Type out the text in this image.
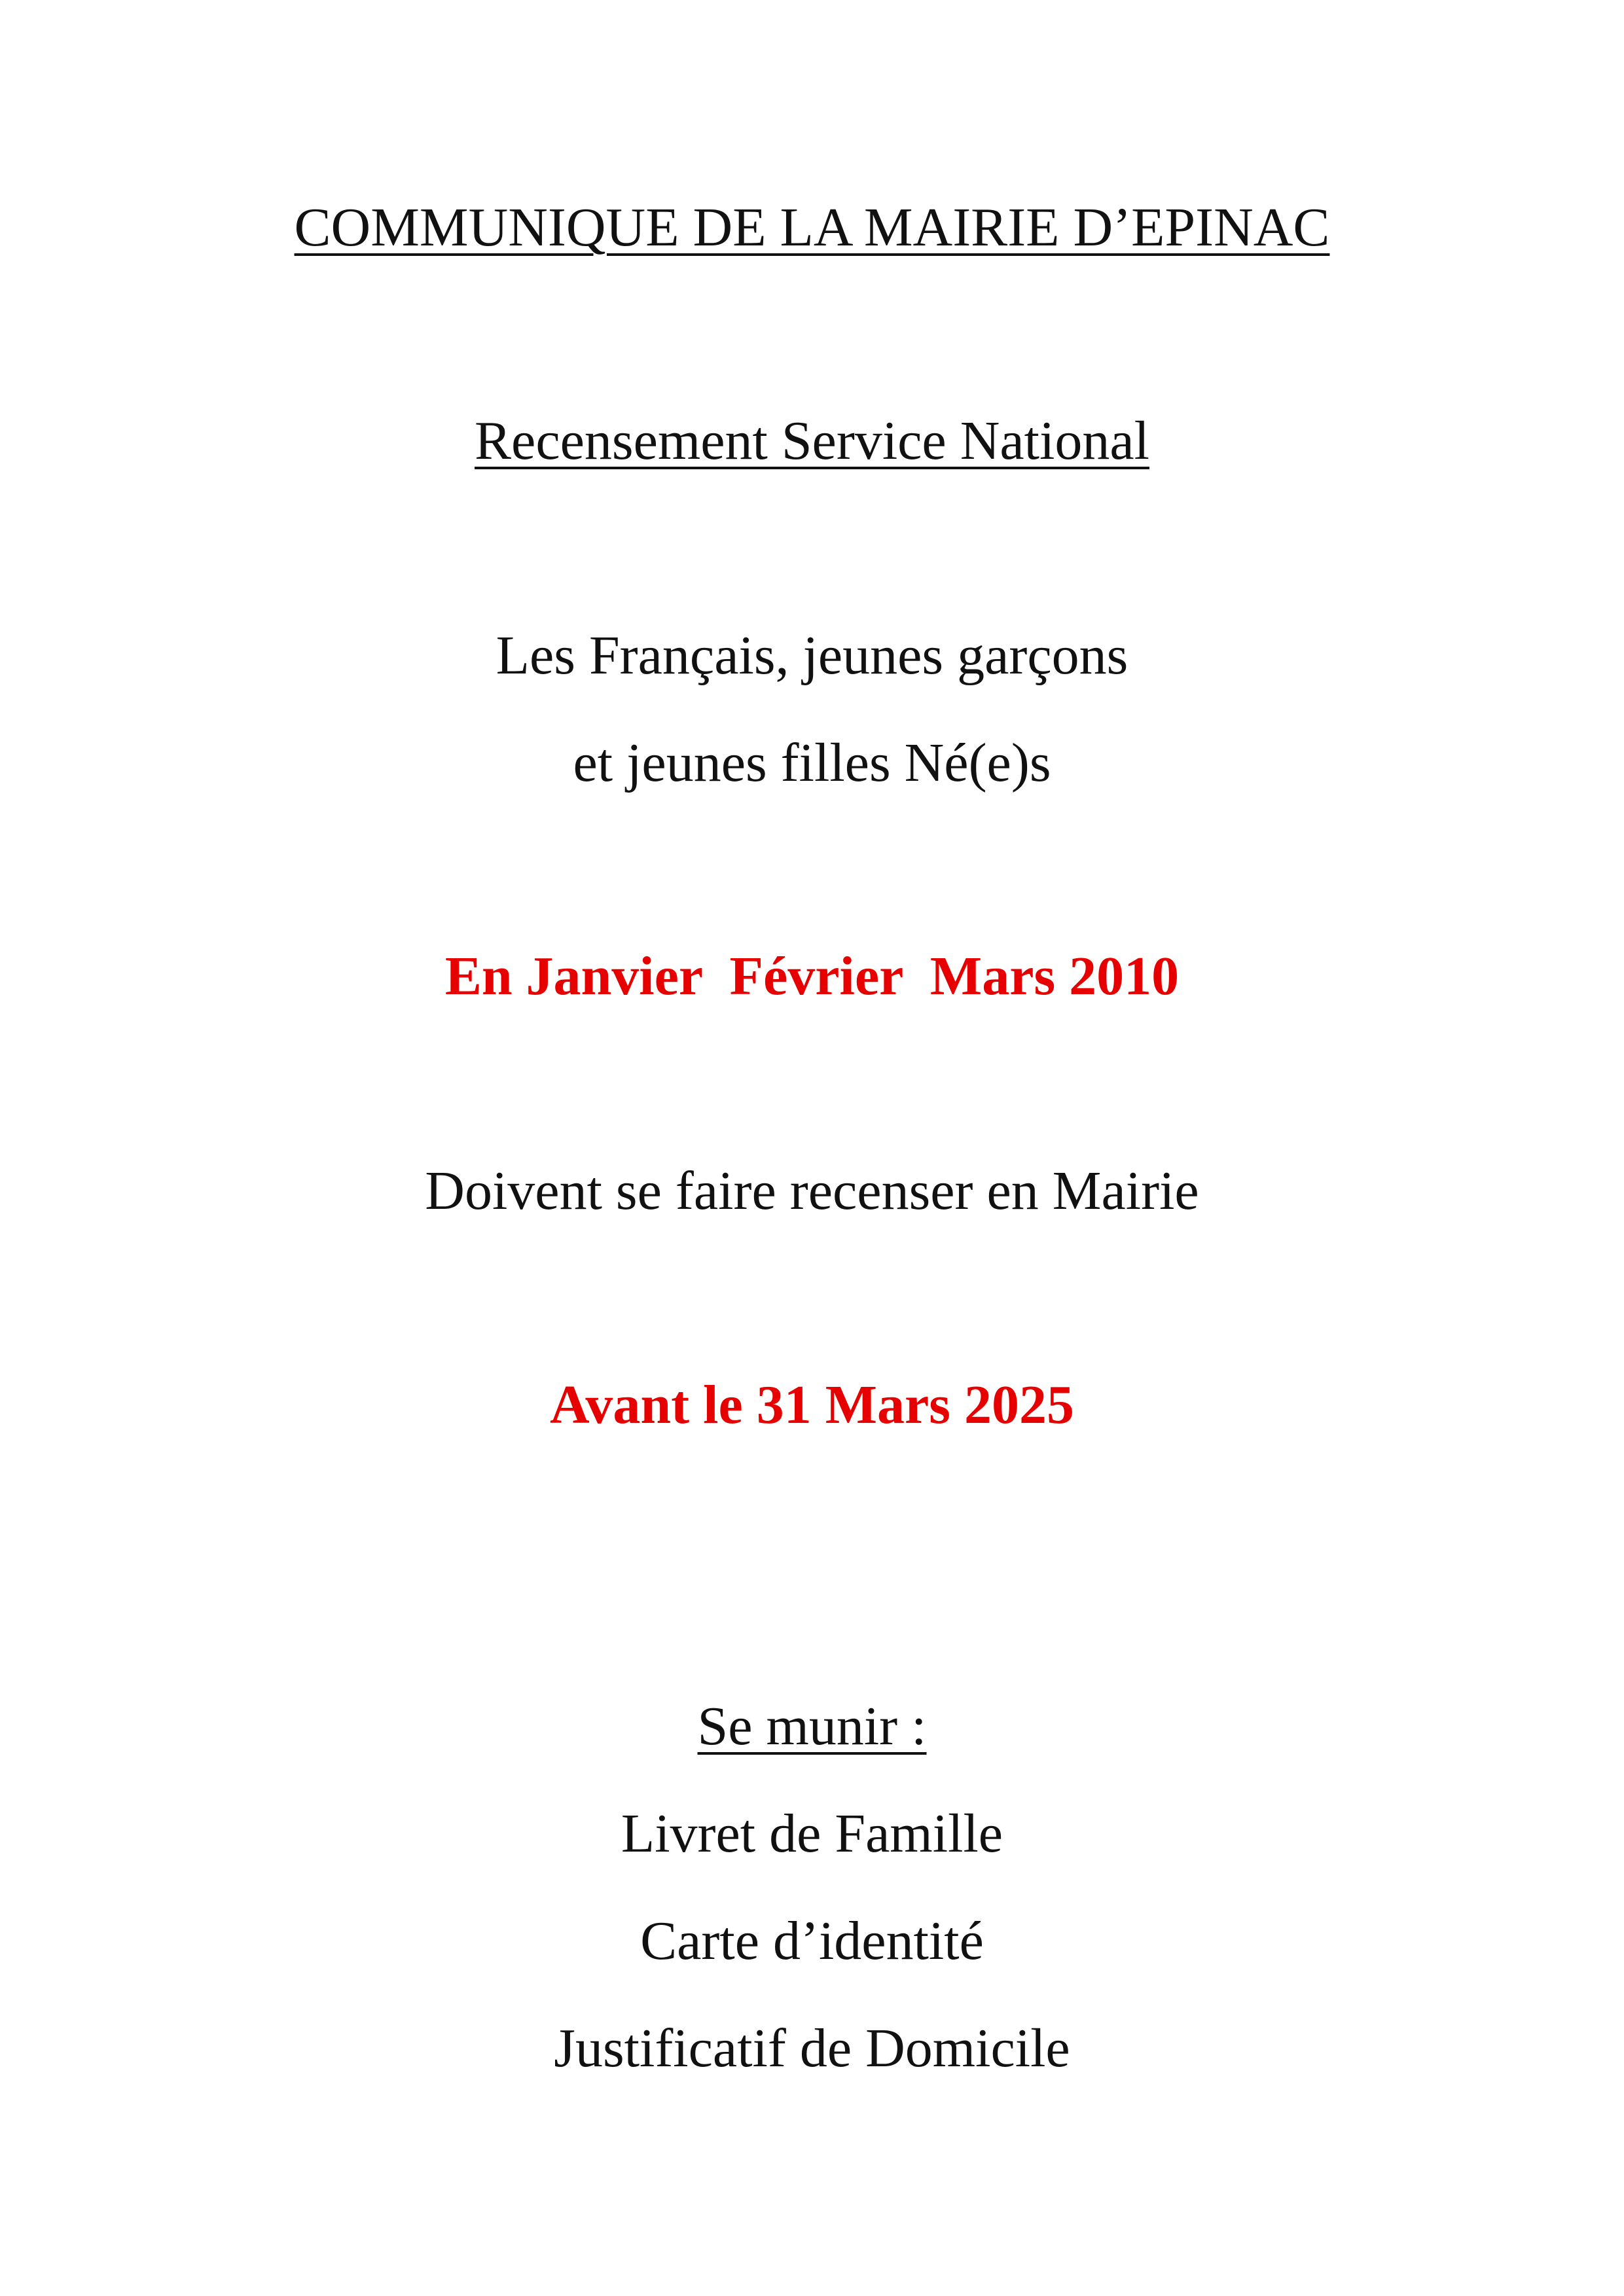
COMMUNIQUE DE LA MAIRIE D’EPINAC
Recensement Service National
Les Français, jeunes garçons
et jeunes filles Né(e)s
En Janvier  Février  Mars 2010
Doivent se faire recenser en Mairie
Avant le 31 Mars 2025
Se munir :
Livret de Famille
Carte d’identité
Justificatif de Domicile
